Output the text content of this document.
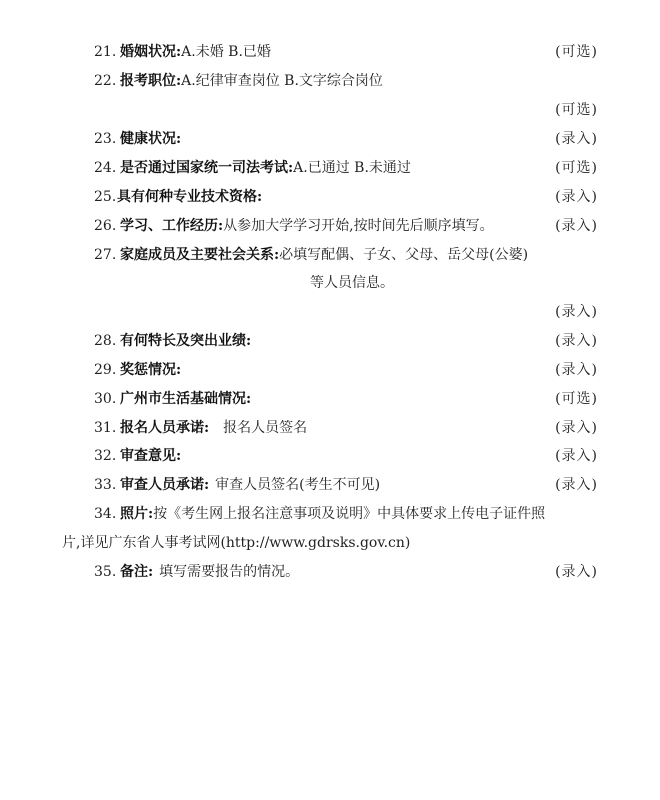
21. 婚姻状况:A.未婚 B.已婚	(可选)
22. 报考职位:A.纪律审查岗位 B.文字综合岗位
(可选)
23. 健康状况:	(录入)
24. 是否通过国家统一司法考试:A.已通过 B.未通过	(可选)
25. 具有何种专业技术资格:	(录入)
26. 学习、工作经历:从参加大学学习开始,按时间先后顺序填写。	(录入)
27. 家庭成员及主要社会关系:必填写配偶、子女、父母、岳父母(公婆)
等人员信息。
(录入)
28. 有何特长及突出业绩:	(录入)
29. 奖惩情况:	(录入)
30. 广州市生活基础情况:	(可选)
31. 报名人员承诺: 报名人员签名	(录入)
32. 审查意见:	(录入)
33. 审查人员承诺: 审查人员签名(考生不可见)	(录入)
34. 照片:按《考生网上报名注意事项及说明》中具体要求上传电子证件照
片,详见广东省人事考试网(http://www.gdrsks.gov.cn)
35. 备注: 填写需要报告的情况。	(录入)
